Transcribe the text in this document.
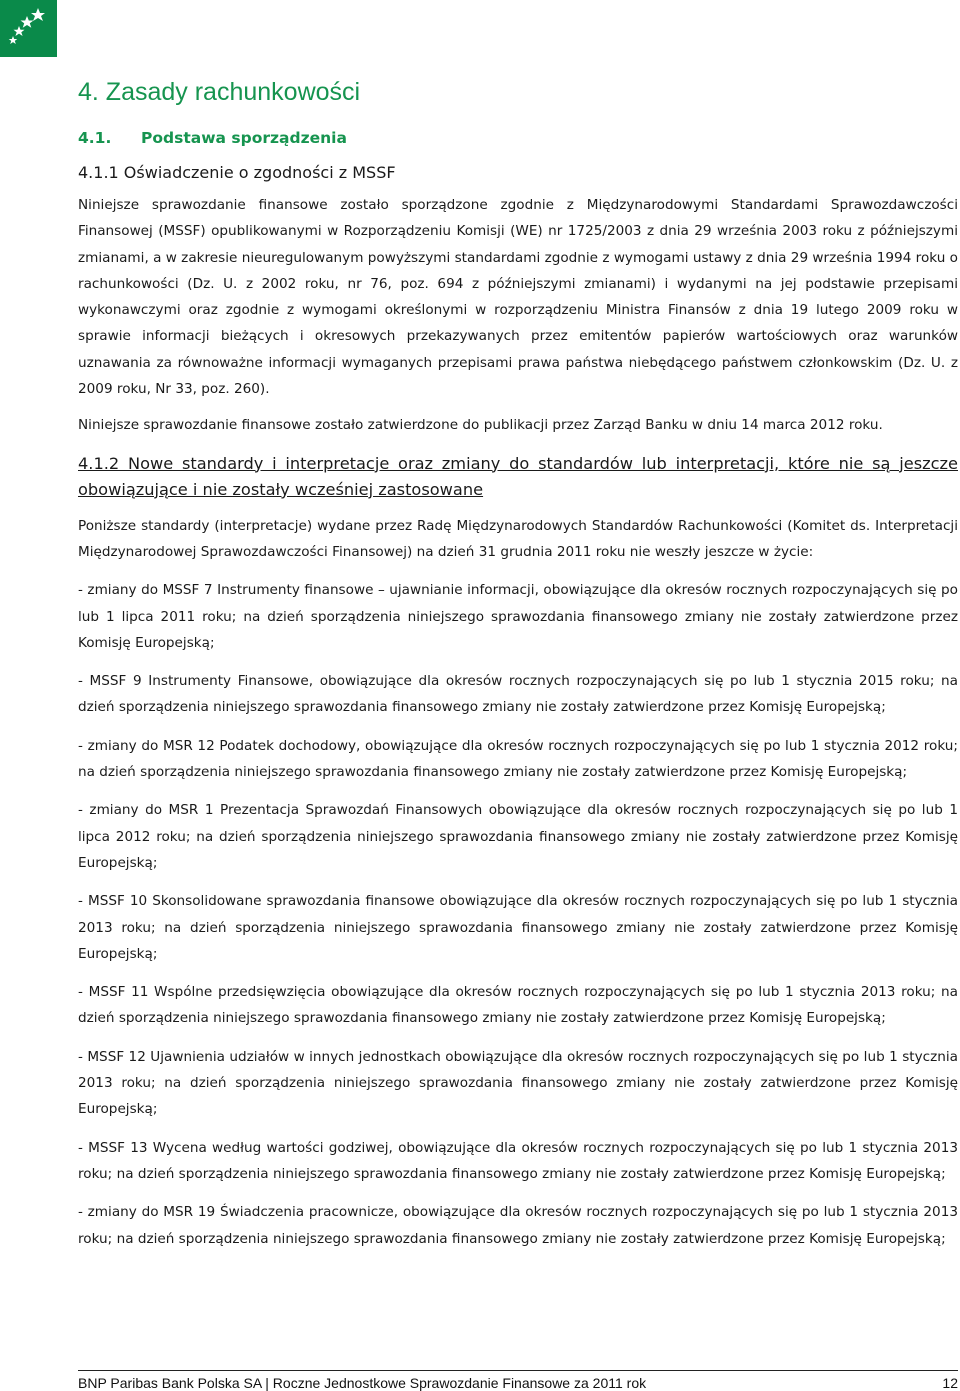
4. Zasady rachunkowości
4.1. Podstawa sporządzenia
4.1.1 Oświadczenie o zgodności z MSSF

Niniejsze sprawozdanie finansowe zostało sporządzone zgodnie z Międzynarodowymi Standardami Sprawozdawczości Finansowej (MSSF) opublikowanymi w Rozporządzeniu Komisji (WE) nr 1725/2003 z dnia 29 września 2003 roku z późniejszymi zmianami, a w zakresie nieuregulowanym powyższymi standardami zgodnie z wymogami ustawy z dnia 29 września 1994 roku o rachunkowości (Dz. U. z 2002 roku, nr 76, poz. 694 z późniejszymi zmianami) i wydanymi na jej podstawie przepisami wykonawczymi oraz zgodnie z wymogami określonymi w rozporządzeniu Ministra Finansów z dnia 19 lutego 2009 roku w sprawie informacji bieżących i okresowych przekazywanych przez emitentów papierów wartościowych oraz warunków uznawania za równoważne informacji wymaganych przepisami prawa państwa niebędącego państwem członkowskim (Dz. U. z 2009 roku, Nr 33, poz. 260).

Niniejsze sprawozdanie finansowe zostało zatwierdzone do publikacji przez Zarząd Banku w dniu 14 marca 2012 roku.

4.1.2 Nowe standardy i interpretacje oraz zmiany do standardów lub interpretacji, które nie są jeszcze obowiązujące i nie zostały wcześniej zastosowane

Poniższe standardy (interpretacje) wydane przez Radę Międzynarodowych Standardów Rachunkowości (Komitet ds. Interpretacji Międzynarodowej Sprawozdawczości Finansowej) na dzień 31 grudnia 2011 roku nie weszły jeszcze w życie:

- zmiany do MSSF 7 Instrumenty finansowe – ujawnianie informacji, obowiązujące dla okresów rocznych rozpoczynających się po lub 1 lipca 2011 roku; na dzień sporządzenia niniejszego sprawozdania finansowego zmiany nie zostały zatwierdzone przez Komisję Europejską;

- MSSF 9 Instrumenty Finansowe, obowiązujące dla okresów rocznych rozpoczynających się po lub 1 stycznia 2015 roku; na dzień sporządzenia niniejszego sprawozdania finansowego zmiany nie zostały zatwierdzone przez Komisję Europejską;

- zmiany do MSR 12 Podatek dochodowy, obowiązujące dla okresów rocznych rozpoczynających się po lub 1 stycznia 2012 roku; na dzień sporządzenia niniejszego sprawozdania finansowego zmiany nie zostały zatwierdzone przez Komisję Europejską;

- zmiany do MSR 1 Prezentacja Sprawozdań Finansowych obowiązujące dla okresów rocznych rozpoczynających się po lub 1 lipca 2012 roku; na dzień sporządzenia niniejszego sprawozdania finansowego zmiany nie zostały zatwierdzone przez Komisję Europejską;

- MSSF 10 Skonsolidowane sprawozdania finansowe obowiązujące dla okresów rocznych rozpoczynających się po lub 1 stycznia 2013 roku; na dzień sporządzenia niniejszego sprawozdania finansowego zmiany nie zostały zatwierdzone przez Komisję Europejską;

- MSSF 11 Wspólne przedsięwzięcia obowiązujące dla okresów rocznych rozpoczynających się po lub 1 stycznia 2013 roku; na dzień sporządzenia niniejszego sprawozdania finansowego zmiany nie zostały zatwierdzone przez Komisję Europejską;

- MSSF 12 Ujawnienia udziałów w innych jednostkach obowiązujące dla okresów rocznych rozpoczynających się po lub 1 stycznia 2013 roku; na dzień sporządzenia niniejszego sprawozdania finansowego zmiany nie zostały zatwierdzone przez Komisję Europejską;

- MSSF 13 Wycena według wartości godziwej, obowiązujące dla okresów rocznych rozpoczynających się po lub 1 stycznia 2013 roku; na dzień sporządzenia niniejszego sprawozdania finansowego zmiany nie zostały zatwierdzone przez Komisję Europejską;

- zmiany do MSR 19 Świadczenia pracownicze, obowiązujące dla okresów rocznych rozpoczynających się po lub 1 stycznia 2013 roku; na dzień sporządzenia niniejszego sprawozdania finansowego zmiany nie zostały zatwierdzone przez Komisję Europejską;

BNP Paribas Bank Polska SA | Roczne Jednostkowe Sprawozdanie Finansowe za 2011 rok	12
